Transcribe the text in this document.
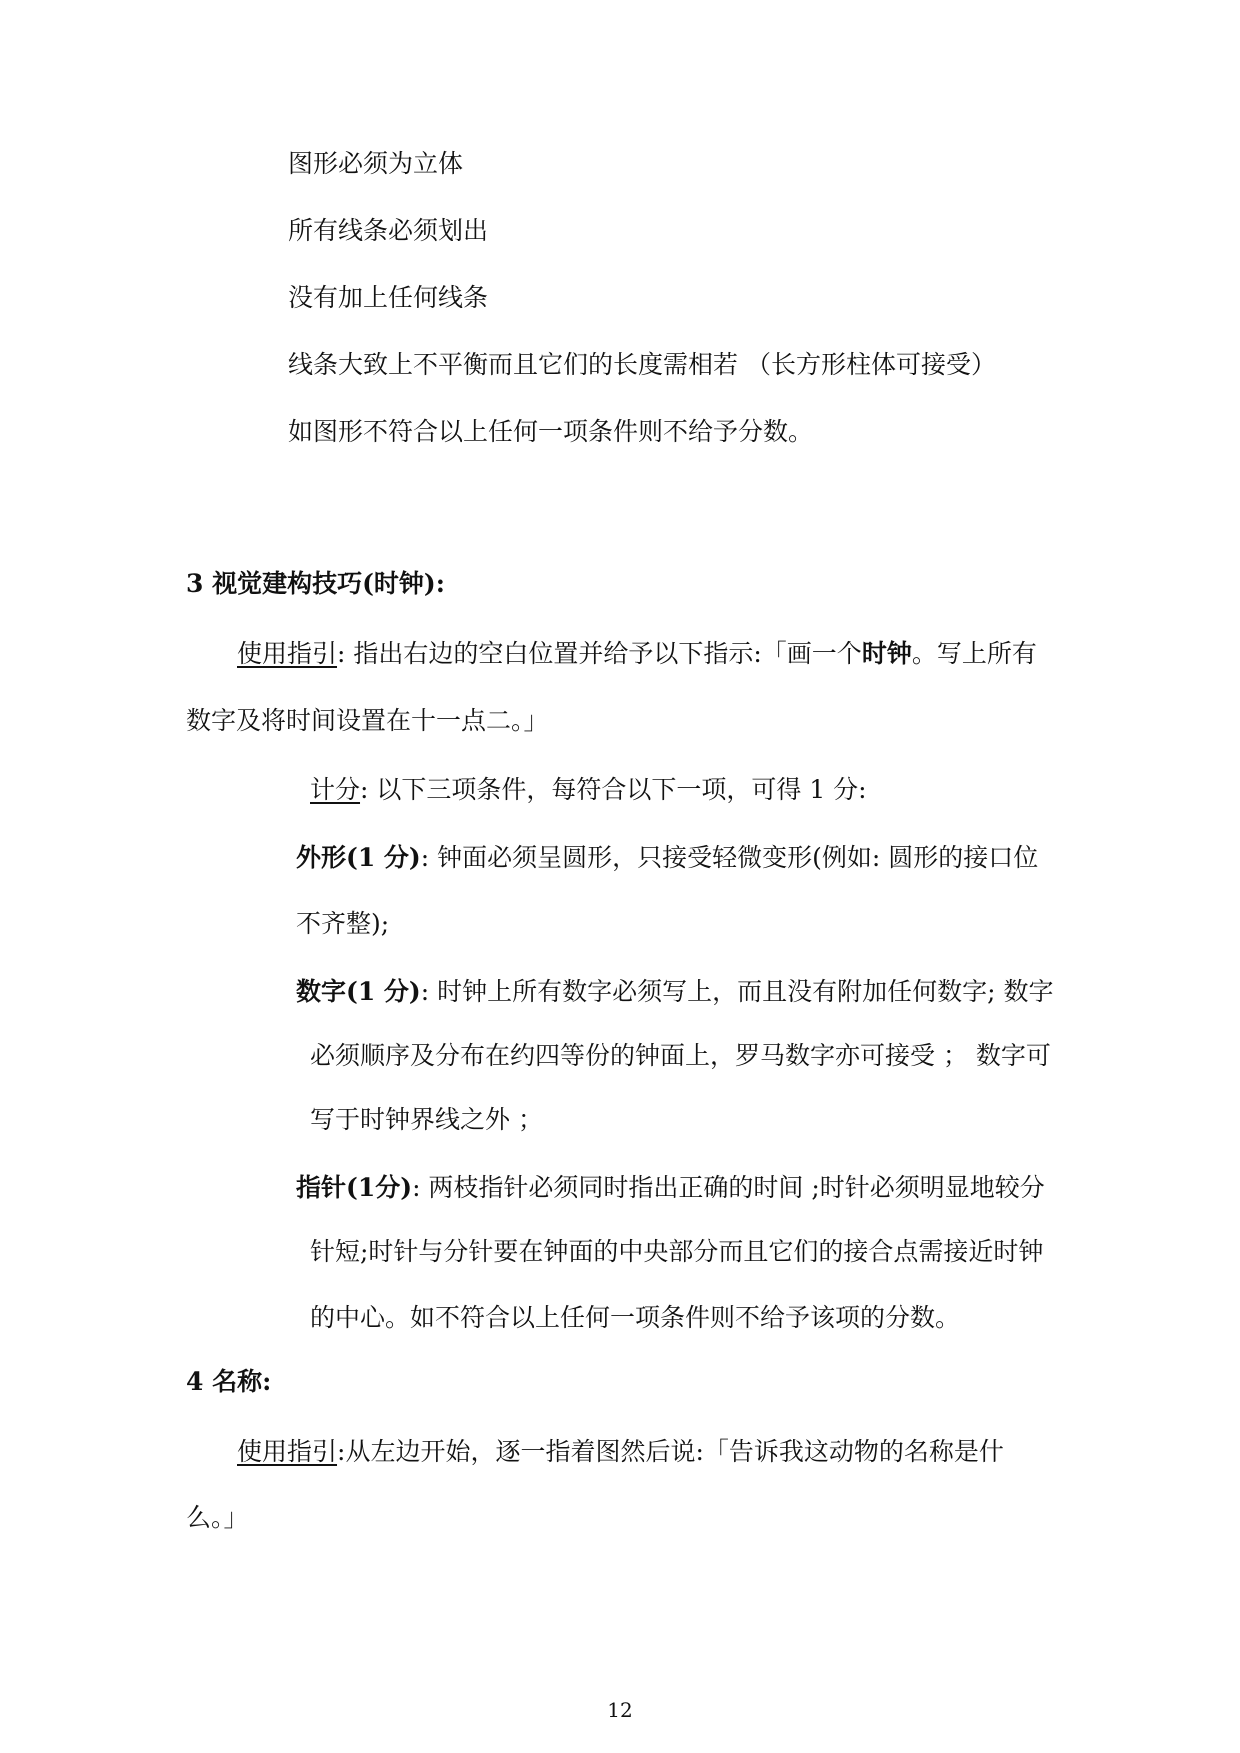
图形必须为立体
所有线条必须划出
没有加上任何线条
线条大致上不平衡而且它们的长度需相若 （长方形柱体可接受）
如图形不符合以上任何一项条件则不给予分数。
3 视觉建构技巧(时钟):
使用指引: 指出右边的空白位置并给予以下指示:「画一个时钟。写上所有
数字及将时间设置在十一点二。」
计分: 以下三项条件，每符合以下一项，可得 1 分:
外形(1 分): 钟面必须呈圆形，只接受轻微变形(例如: 圆形的接口位
不齐整);
数字(1 分): 时钟上所有数字必须写上，而且没有附加任何数字; 数字
必须顺序及分布在约四等份的钟面上，罗马数字亦可接受 ； 数字可
写于时钟界线之外 ；
指针(1分): 两枝指针必须同时指出正确的时间 ;时针必须明显地较分
针短;时针与分针要在钟面的中央部分而且它们的接合点需接近时钟
的中心。如不符合以上任何一项条件则不给予该项的分数。
4 名称:
使用指引:从左边开始，逐一指着图然后说:「告诉我这动物的名称是什
么。」
12
